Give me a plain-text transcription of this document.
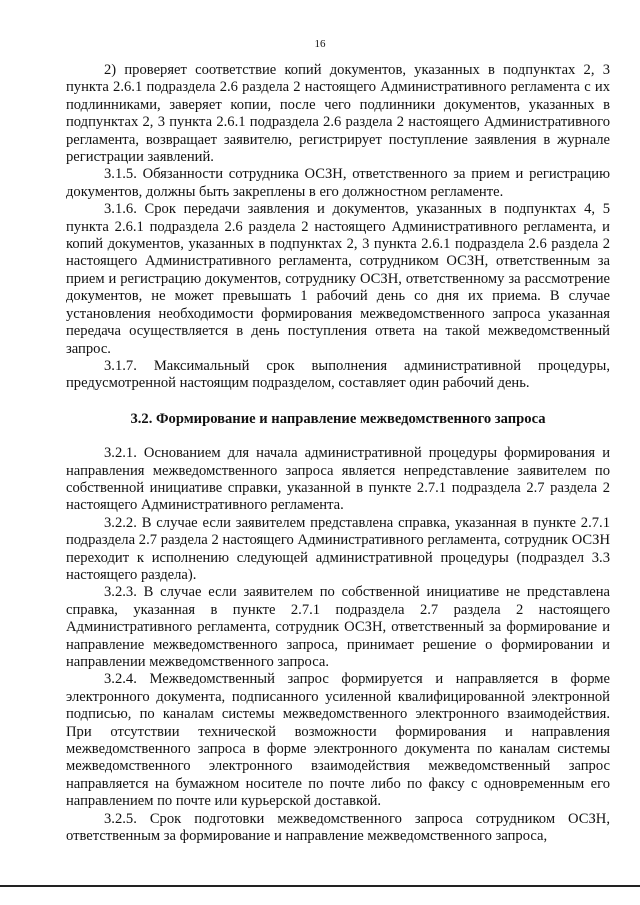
16

2) проверяет соответствие копий документов, указанных в подпунктах 2, 3 пункта 2.6.1 подраздела 2.6 раздела 2 настоящего Административного регламента с их подлинниками, заверяет копии, после чего подлинники документов, указанных в подпунктах 2, 3 пункта 2.6.1 подраздела 2.6 раздела 2 настоящего Административного регламента, возвращает заявителю, регистрирует поступление заявления в журнале регистрации заявлений.

3.1.5. Обязанности сотрудника ОСЗН, ответственного за прием и регистрацию документов, должны быть закреплены в его должностном регламенте.

3.1.6. Срок передачи заявления и документов, указанных в подпунктах 4, 5 пункта 2.6.1 подраздела 2.6 раздела 2 настоящего Административного регламента, и копий документов, указанных в подпунктах 2, 3 пункта 2.6.1 подраздела 2.6 раздела 2 настоящего Административного регламента, сотрудником ОСЗН, ответственным за прием и регистрацию документов, сотруднику ОСЗН, ответственному за рассмотрение документов, не может превышать 1 рабочий день со дня их приема. В случае установления необходимости формирования межведомственного запроса указанная передача осуществляется в день поступления ответа на такой межведомственный запрос.

3.1.7. Максимальный срок выполнения административной процедуры, предусмотренной настоящим подразделом, составляет один рабочий день.

3.2. Формирование и направление межведомственного запроса

3.2.1. Основанием для начала административной процедуры формирования и направления межведомственного запроса является непредставление заявителем по собственной инициативе справки, указанной в пункте 2.7.1 подраздела 2.7 раздела 2 настоящего Административного регламента.

3.2.2. В случае если заявителем представлена справка, указанная в пункте 2.7.1 подраздела 2.7 раздела 2 настоящего Административного регламента, сотрудник ОСЗН переходит к исполнению следующей административной процедуры (подраздел 3.3 настоящего раздела).

3.2.3. В случае если заявителем по собственной инициативе не представлена справка, указанная в пункте 2.7.1 подраздела 2.7 раздела 2 настоящего Административного регламента, сотрудник ОСЗН, ответственный за формирование и направление межведомственного запроса, принимает решение о формировании и направлении межведомственного запроса.

3.2.4. Межведомственный запрос формируется и направляется в форме электронного документа, подписанного усиленной квалифицированной электронной подписью, по каналам системы межведомственного электронного взаимодействия. При отсутствии технической возможности формирования и направления межведомственного запроса в форме электронного документа по каналам системы межведомственного электронного взаимодействия межведомственный запрос направляется на бумажном носителе по почте либо по факсу с одновременным его направлением по почте или курьерской доставкой.

3.2.5. Срок подготовки межведомственного запроса сотрудником ОСЗН, ответственным за формирование и направление межведомственного запроса,
